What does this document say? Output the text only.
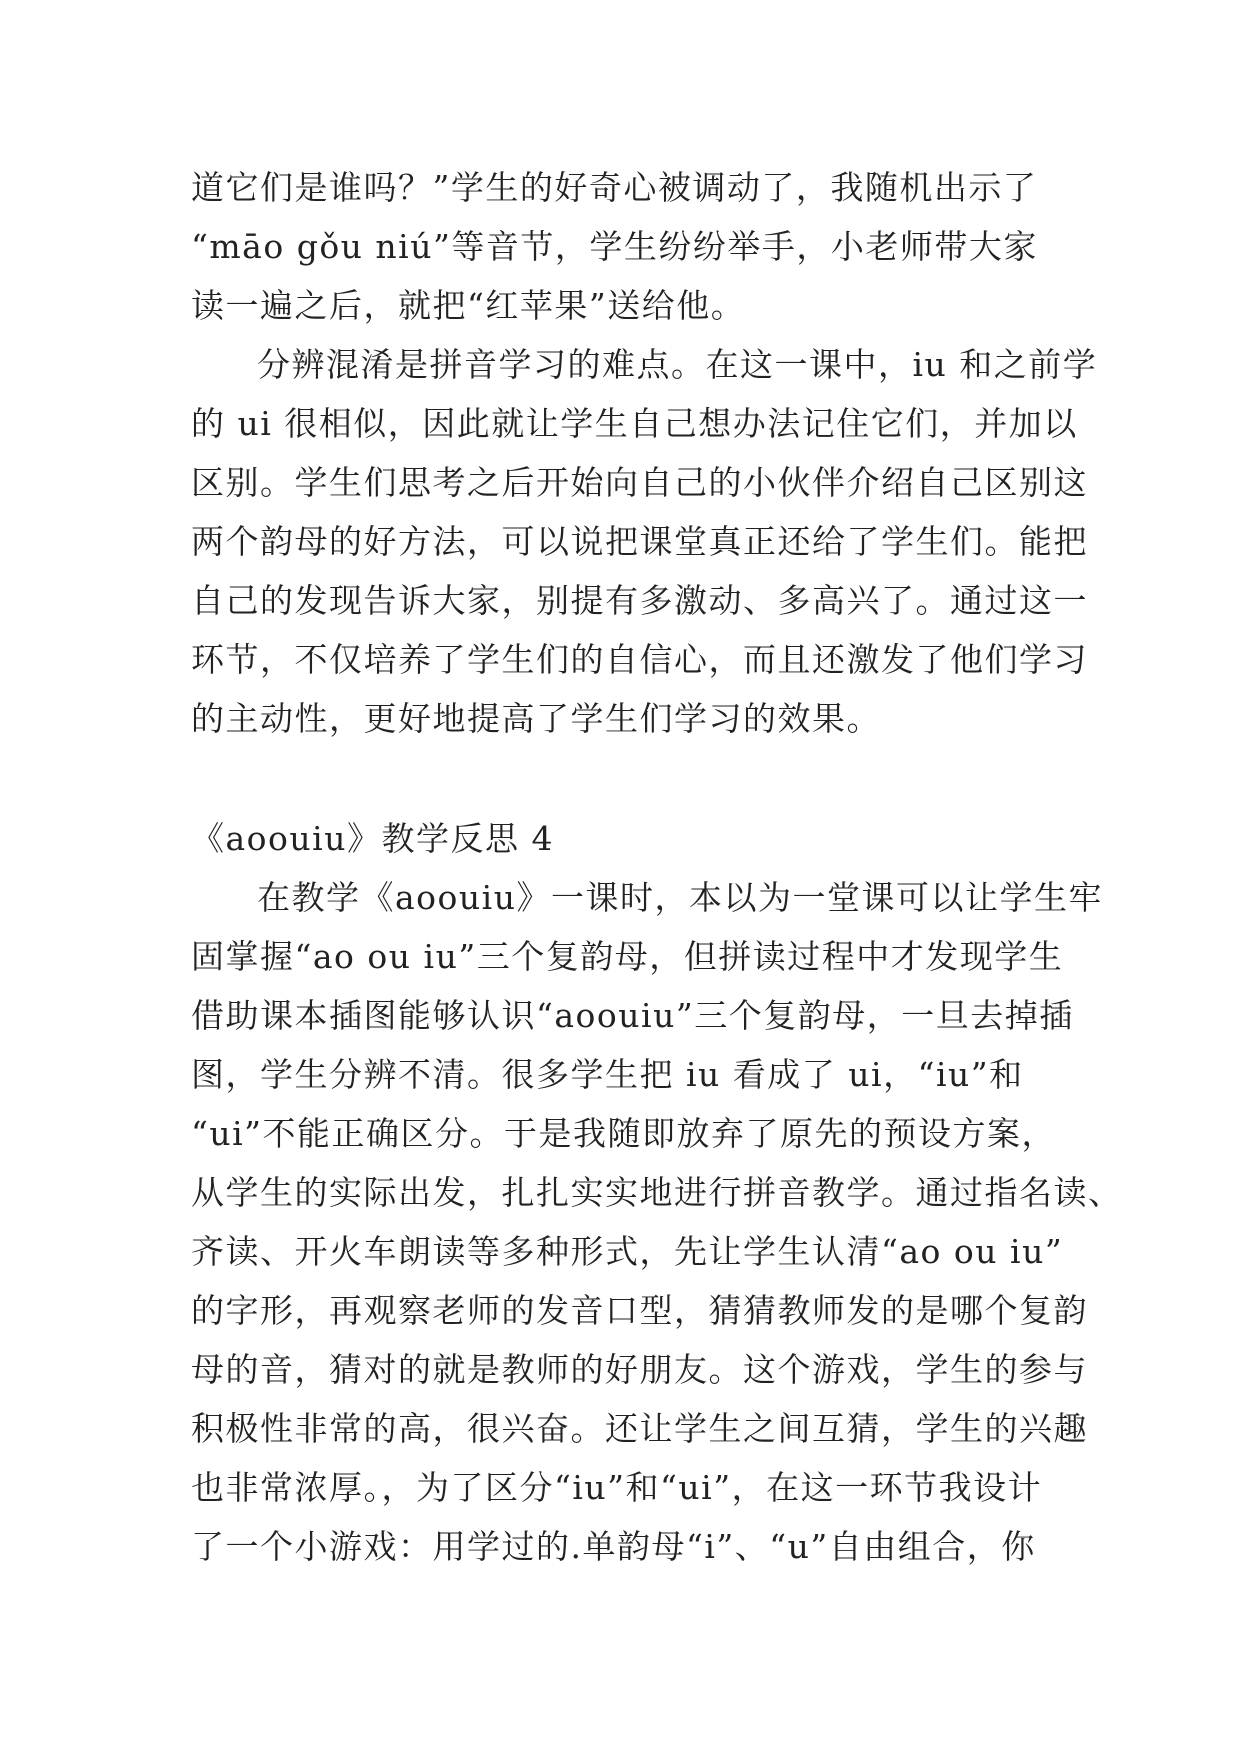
道它们是谁吗？”学生的好奇心被调动了，我随机出示了
“māo gǒu niú”等音节，学生纷纷举手，小老师带大家
读一遍之后，就把“红苹果”送给他。
分辨混淆是拼音学习的难点。在这一课中，iu 和之前学
的 ui 很相似，因此就让学生自己想办法记住它们，并加以
区别。学生们思考之后开始向自己的小伙伴介绍自己区别这
两个韵母的好方法，可以说把课堂真正还给了学生们。能把
自己的发现告诉大家，别提有多激动、多高兴了。通过这一
环节，不仅培养了学生们的自信心，而且还激发了他们学习
的主动性，更好地提高了学生们学习的效果。
《aoouiu》教学反思 4
在教学《aoouiu》一课时，本以为一堂课可以让学生牢
固掌握“ao ou iu”三个复韵母，但拼读过程中才发现学生
借助课本插图能够认识“aoouiu”三个复韵母，一旦去掉插
图，学生分辨不清。很多学生把 iu 看成了 ui，“iu”和
“ui”不能正确区分。于是我随即放弃了原先的预设方案，
从学生的实际出发，扎扎实实地进行拼音教学。通过指名读、
齐读、开火车朗读等多种形式，先让学生认清“ao ou iu”
的字形，再观察老师的发音口型，猜猜教师发的是哪个复韵
母的音，猜对的就是教师的好朋友。这个游戏，学生的参与
积极性非常的高，很兴奋。还让学生之间互猜，学生的兴趣
也非常浓厚。，为了区分“iu”和“ui”，在这一环节我设计
了一个小游戏：用学过的.单韵母“i”、“u”自由组合，你
